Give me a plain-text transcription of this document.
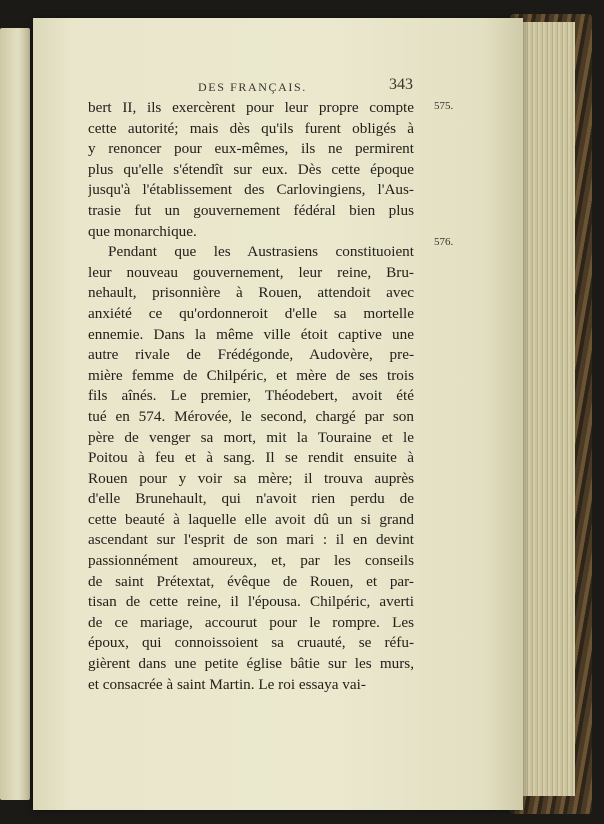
DES FRANÇAIS.	343
575.
576.
bert II, ils exercèrent pour leur propre compte
cette autorité; mais dès qu'ils furent obligés à
y renoncer pour eux-mêmes, ils ne permirent
plus qu'elle s'étendît sur eux. Dès cette époque
jusqu'à l'établissement des Carlovingiens, l'Aus-
trasie fut un gouvernement fédéral bien plus
que monarchique.
Pendant que les Austrasiens constituoient
leur nouveau gouvernement, leur reine, Bru-
nehault, prisonnière à Rouen, attendoit avec
anxiété ce qu'ordonneroit d'elle sa mortelle
ennemie. Dans la même ville étoit captive une
autre rivale de Frédégonde, Audovère, pre-
mière femme de Chilpéric, et mère de ses trois
fils aînés. Le premier, Théodebert, avoit été
tué en 574. Mérovée, le second, chargé par son
père de venger sa mort, mit la Touraine et le
Poitou à feu et à sang. Il se rendit ensuite à
Rouen pour y voir sa mère; il trouva auprès
d'elle Brunehault, qui n'avoit rien perdu de
cette beauté à laquelle elle avoit dû un si grand
ascendant sur l'esprit de son mari : il en devint
passionnément amoureux, et, par les conseils
de saint Prétextat, évêque de Rouen, et par-
tisan de cette reine, il l'épousa. Chilpéric, averti
de ce mariage, accourut pour le rompre. Les
époux, qui connoissoient sa cruauté, se réfu-
gièrent dans une petite église bâtie sur les murs,
et consacrée à saint Martin. Le roi essaya vai-
